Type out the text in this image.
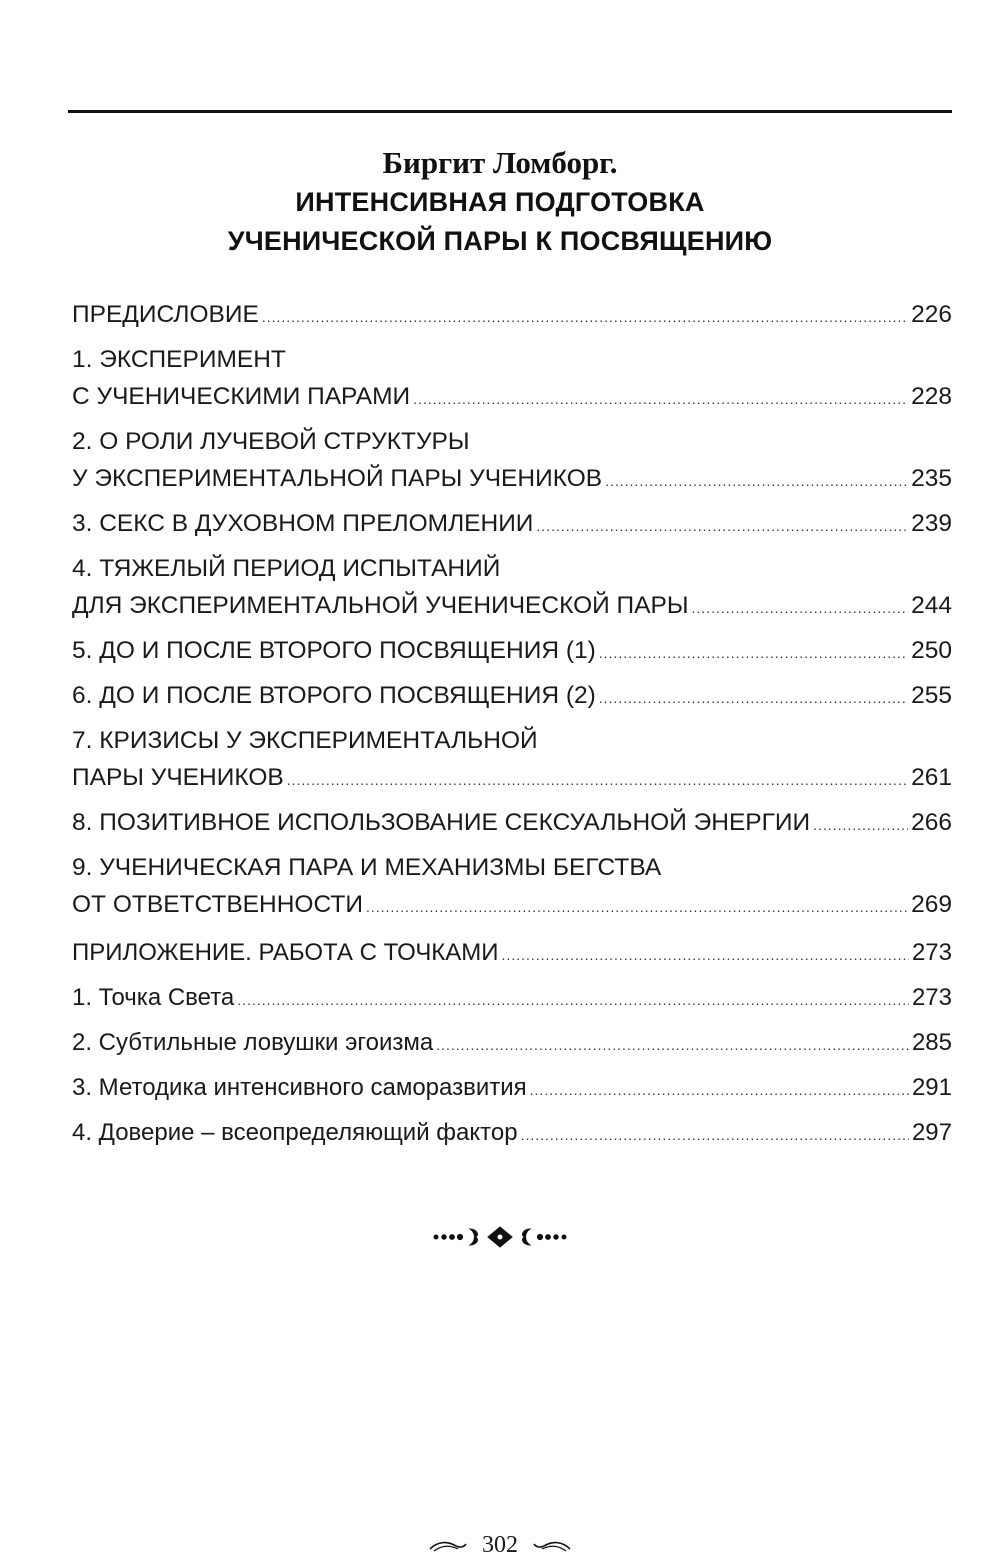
Биргит Ломборг.
ИНТЕНСИВНАЯ ПОДГОТОВКА
УЧЕНИЧЕСКОЙ ПАРЫ К ПОСВЯЩЕНИЮ
ПРЕДИСЛОВИЕ .....	226
1. ЭКСПЕРИМЕНТ
С УЧЕНИЧЕСКИМИ ПАРАМИ .....	228
2. О РОЛИ ЛУЧЕВОЙ СТРУКТУРЫ
У ЭКСПЕРИМЕНТАЛЬНОЙ ПАРЫ УЧЕНИКОВ .....	235
3. СЕКС В ДУХОВНОМ ПРЕЛОМЛЕНИИ .....	239
4. ТЯЖЕЛЫЙ ПЕРИОД ИСПЫТАНИЙ
ДЛЯ ЭКСПЕРИМЕНТАЛЬНОЙ УЧЕНИЧЕСКОЙ ПАРЫ .....	244
5. ДО И ПОСЛЕ ВТОРОГО ПОСВЯЩЕНИЯ (1) .....	250
6. ДО И ПОСЛЕ ВТОРОГО ПОСВЯЩЕНИЯ (2) .....	255
7. КРИЗИСЫ У ЭКСПЕРИМЕНТАЛЬНОЙ
ПАРЫ УЧЕНИКОВ .....	261
8. ПОЗИТИВНОЕ ИСПОЛЬЗОВАНИЕ СЕКСУАЛЬНОЙ ЭНЕРГИИ .....	266
9. УЧЕНИЧЕСКАЯ ПАРА И МЕХАНИЗМЫ БЕГСТВА
ОТ ОТВЕТСТВЕННОСТИ .....	269
ПРИЛОЖЕНИЕ. РАБОТА С ТОЧКАМИ .....	273
1. Точка Света .....	273
2. Субтильные ловушки эгоизма .....	285
3. Методика интенсивного саморазвития .....	291
4. Доверие – всеопределяющий фактор .....	297
302
